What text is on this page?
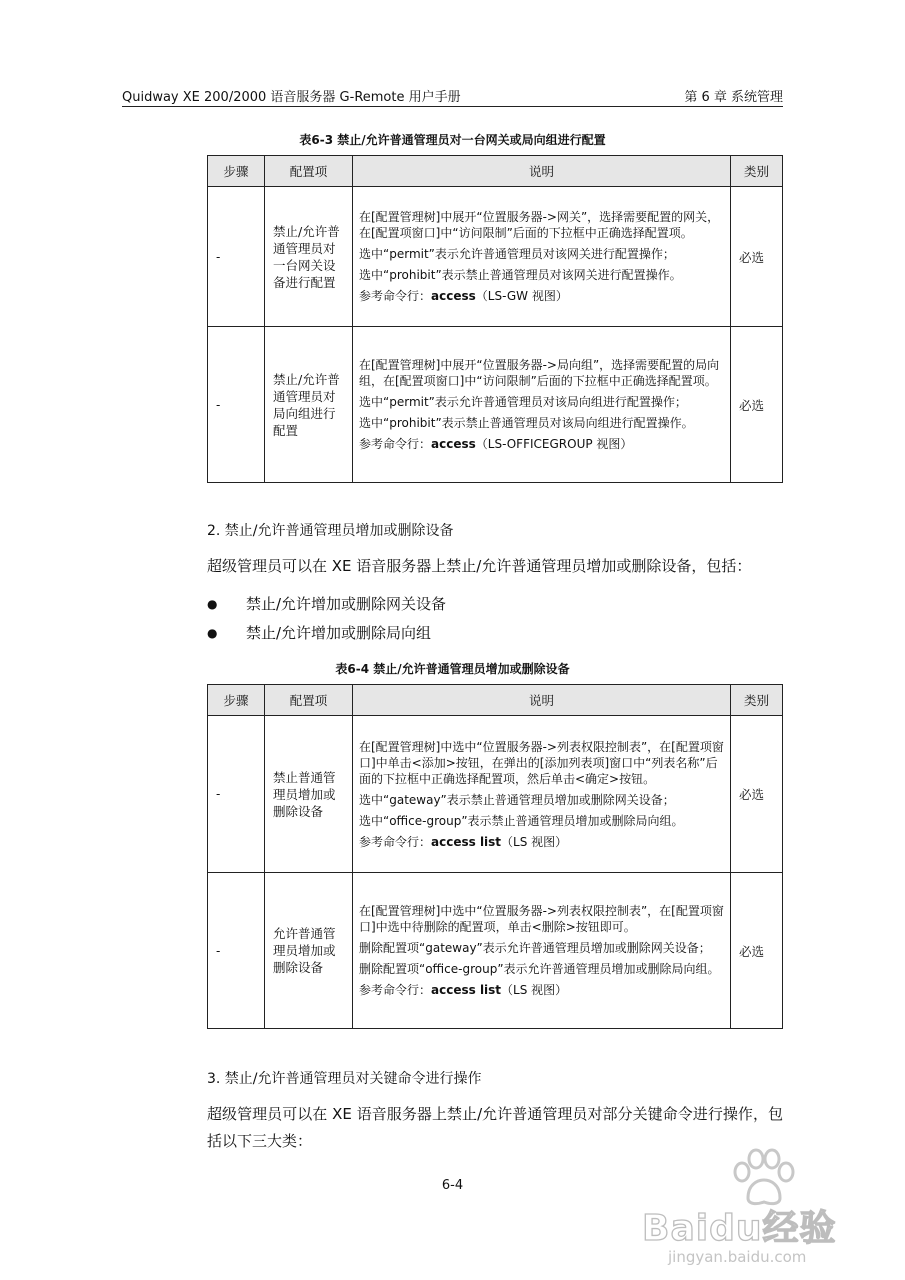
Quidway XE 200/2000 语音服务器 G-Remote 用户手册	第 6 章 系统管理
表6-3 禁止/允许普通管理员对一台网关或局向组进行配置
步骤	配置项	说明	类别
-	禁止/允许普通管理员对一台网关设备进行配置	在[配置管理树]中展开“位置服务器->网关”，选择需要配置的网关，在[配置项窗口]中“访问限制”后面的下拉框中正确选择配置项。
选中“permit”表示允许普通管理员对该网关进行配置操作；
选中“prohibit”表示禁止普通管理员对该网关进行配置操作。
参考命令行：access（LS-GW 视图）	必选
-	禁止/允许普通管理员对局向组进行配置	在[配置管理树]中展开“位置服务器->局向组”，选择需要配置的局向组，在[配置项窗口]中“访问限制”后面的下拉框中正确选择配置项。
选中“permit”表示允许普通管理员对该局向组进行配置操作；
选中“prohibit”表示禁止普通管理员对该局向组进行配置操作。
参考命令行：access（LS-OFFICEGROUP 视图）	必选
2. 禁止/允许普通管理员增加或删除设备
超级管理员可以在 XE 语音服务器上禁止/允许普通管理员增加或删除设备，包括：
● 禁止/允许增加或删除网关设备
● 禁止/允许增加或删除局向组
表6-4 禁止/允许普通管理员增加或删除设备
步骤	配置项	说明	类别
-	禁止普通管理员增加或删除设备	在[配置管理树]中选中“位置服务器->列表权限控制表”，在[配置项窗口]中单击<添加>按钮，在弹出的[添加列表项]窗口中“列表名称”后面的下拉框中正确选择配置项，然后单击<确定>按钮。
选中“gateway”表示禁止普通管理员增加或删除网关设备；
选中“office-group”表示禁止普通管理员增加或删除局向组。
参考命令行：access list（LS 视图）	必选
-	允许普通管理员增加或删除设备	在[配置管理树]中选中“位置服务器->列表权限控制表”，在[配置项窗口]中选中待删除的配置项，单击<删除>按钮即可。
删除配置项“gateway”表示允许普通管理员增加或删除网关设备；
删除配置项“office-group”表示允许普通管理员增加或删除局向组。
参考命令行：access list（LS 视图）	必选
3. 禁止/允许普通管理员对关键命令进行操作
超级管理员可以在 XE 语音服务器上禁止/允许普通管理员对部分关键命令进行操作，包括以下三大类：
6-4
Baidu经验
jingyan.baidu.com
